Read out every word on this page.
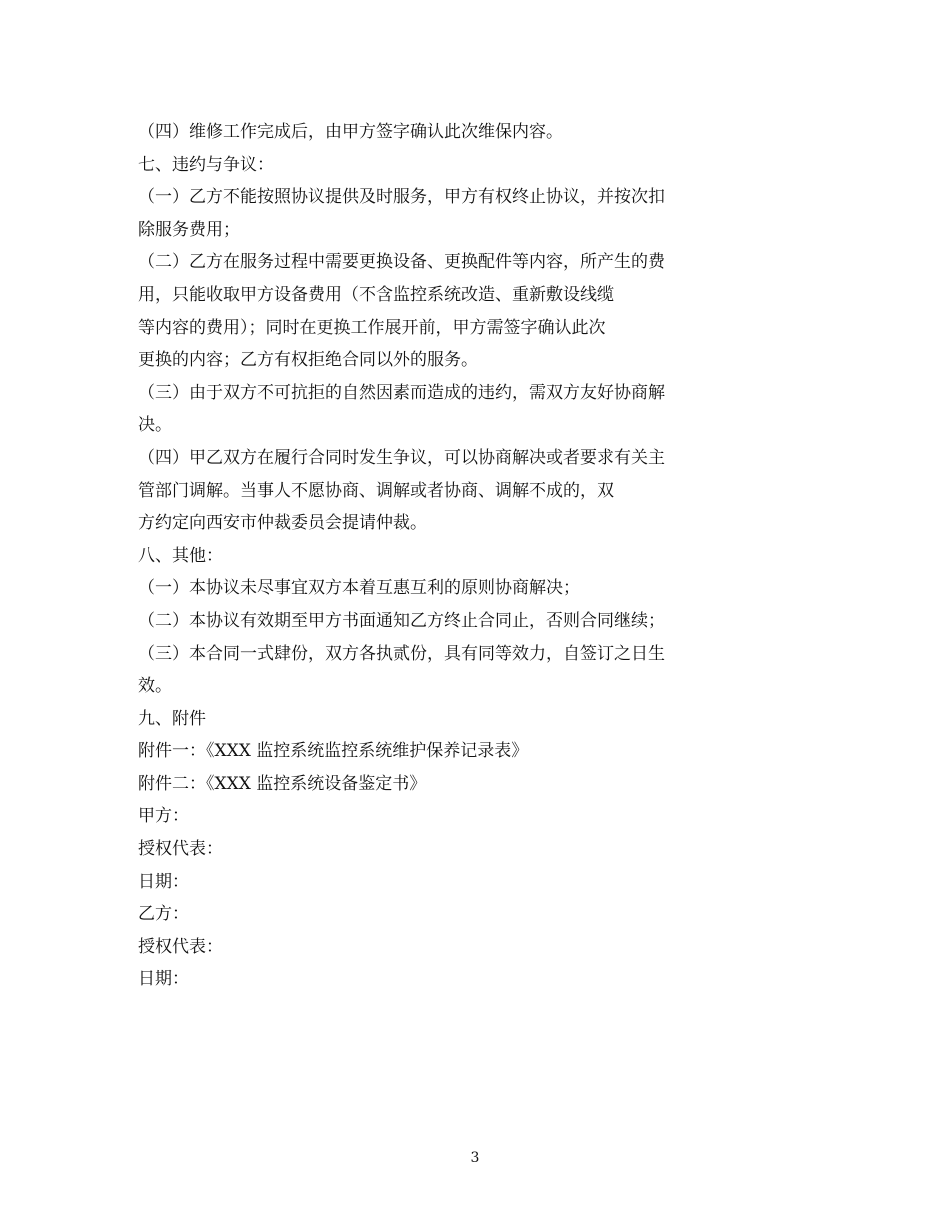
（四）维修工作完成后，由甲方签字确认此次维保内容。

七、违约与争议：

（一）乙方不能按照协议提供及时服务，甲方有权终止协议，并按次扣

除服务费用；

（二）乙方在服务过程中需要更换设备、更换配件等内容，所产生的费

用，只能收取甲方设备费用（不含监控系统改造、重新敷设线缆

等内容的费用）；同时在更换工作展开前，甲方需签字确认此次

更换的内容；乙方有权拒绝合同以外的服务。

（三）由于双方不可抗拒的自然因素而造成的违约，需双方友好协商解

决。

（四）甲乙双方在履行合同时发生争议，可以协商解决或者要求有关主

管部门调解。当事人不愿协商、调解或者协商、调解不成的，双

方约定向西安市仲裁委员会提请仲裁。

八、其他：

（一）本协议未尽事宜双方本着互惠互利的原则协商解决；

（二）本协议有效期至甲方书面通知乙方终止合同止，否则合同继续；

（三）本合同一式肆份，双方各执贰份，具有同等效力，自签订之日生

效。

九、附件

附件一：《XXX 监控系统监控系统维护保养记录表》

附件二：《XXX 监控系统设备鉴定书》

甲方：

授权代表：

日期：

乙方：

授权代表：

日期：

3
